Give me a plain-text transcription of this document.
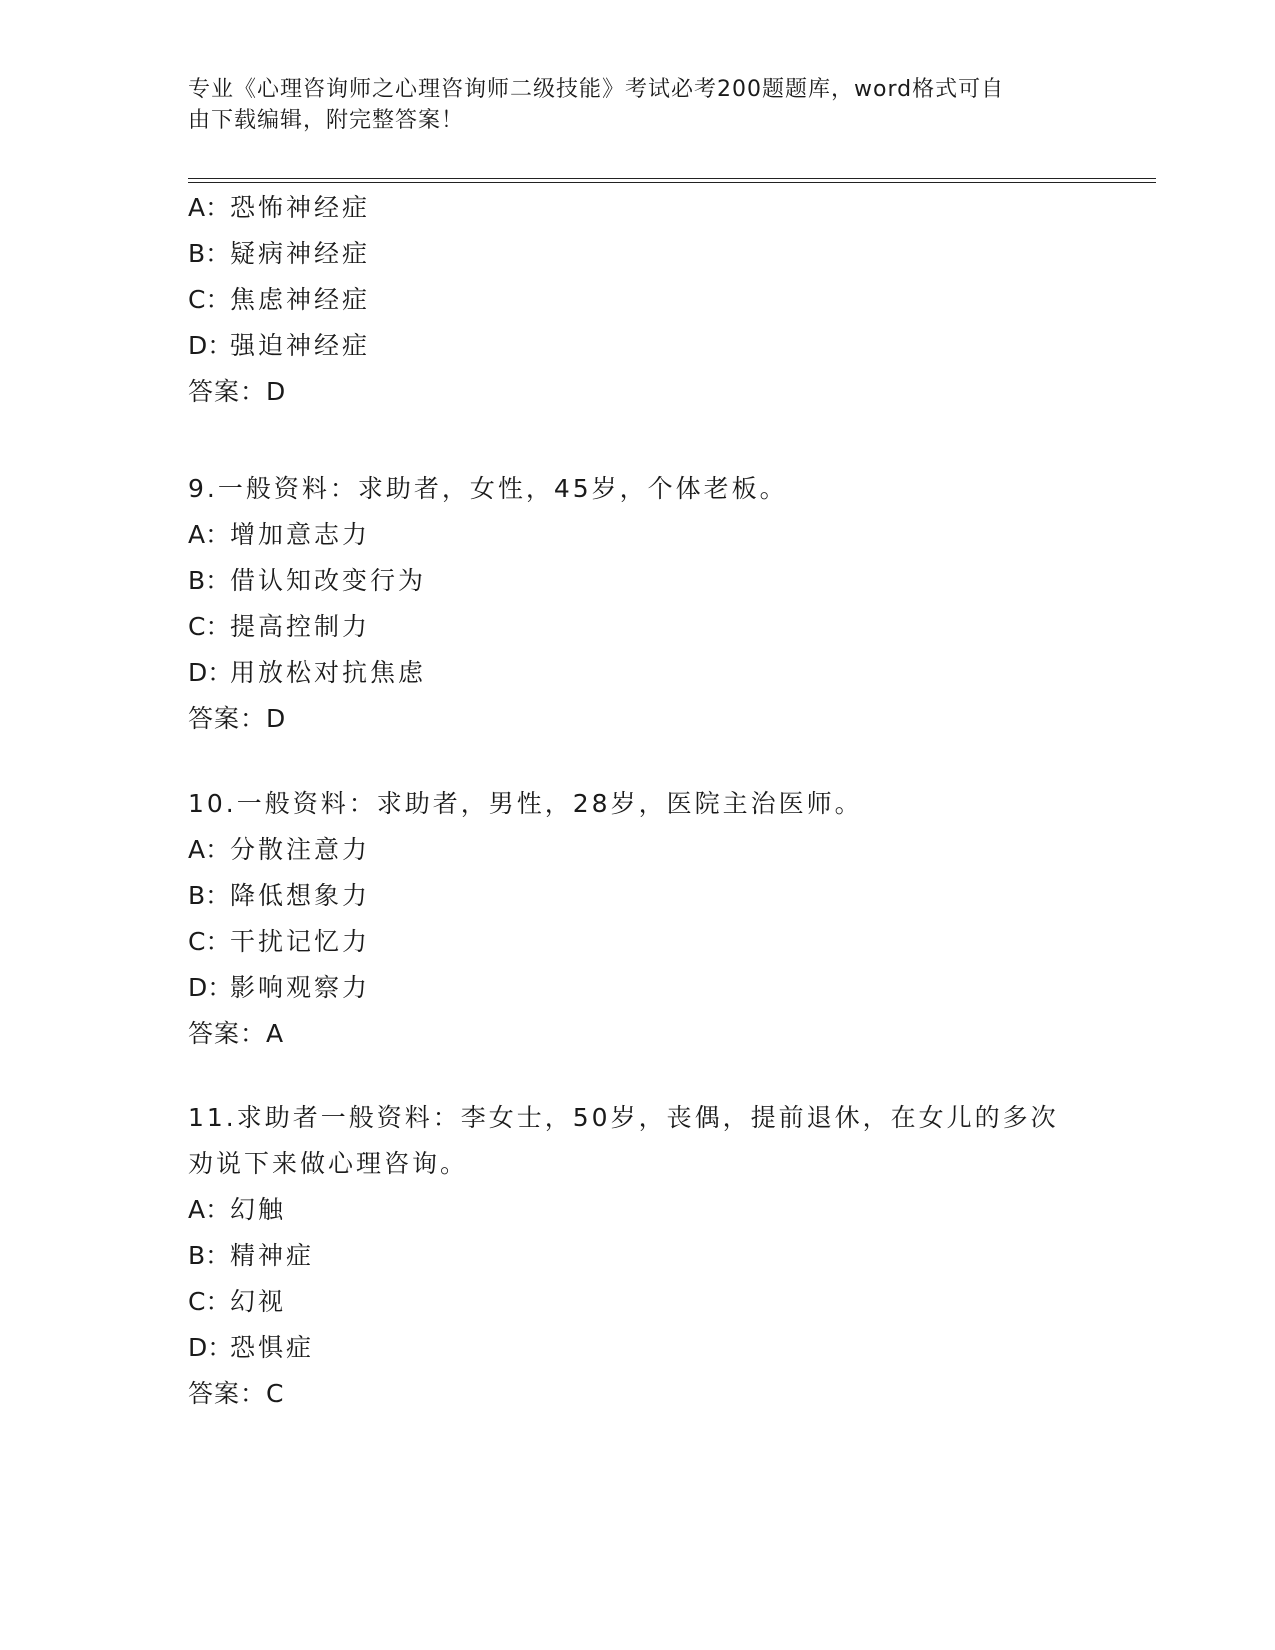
专业《心理咨询师之心理咨询师二级技能》考试必考200题题库，word格式可自
由下载编辑，附完整答案！
A：恐怖神经症
B：疑病神经症
C：焦虑神经症
D：强迫神经症
答案：D
9.一般资料：求助者，女性，45岁，个体老板。
A：增加意志力
B：借认知改变行为
C：提高控制力
D：用放松对抗焦虑
答案：D
10.一般资料：求助者，男性，28岁，医院主治医师。
A：分散注意力
B：降低想象力
C：干扰记忆力
D：影响观察力
答案：A
11.求助者一般资料：李女士，50岁，丧偶，提前退休，在女儿的多次
劝说下来做心理咨询。
A：幻触
B：精神症
C：幻视
D：恐惧症
答案：C
